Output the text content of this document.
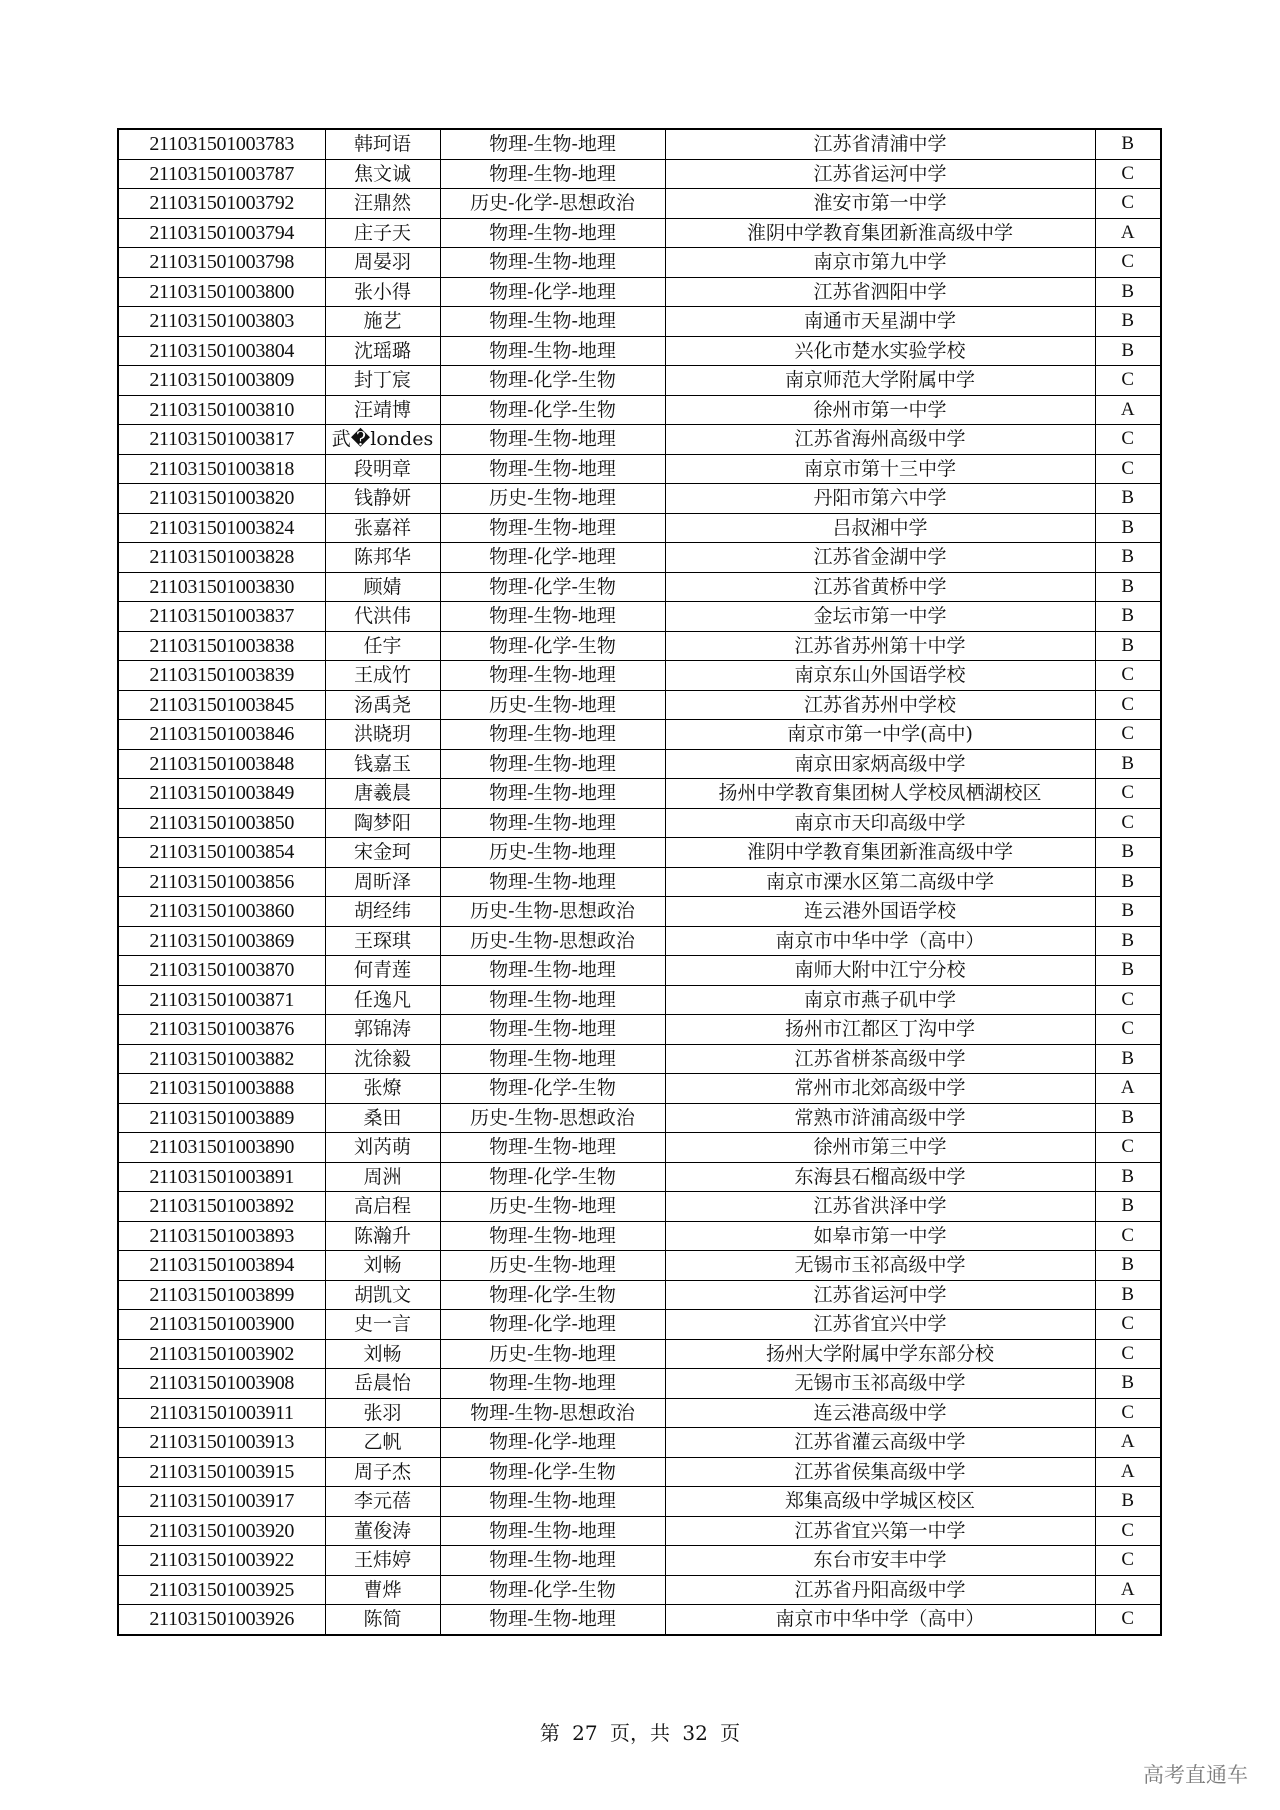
211031501003783	韩珂语	物理-生物-地理	江苏省清浦中学	B
211031501003787	焦文诚	物理-生物-地理	江苏省运河中学	C
211031501003792	汪鼎然	历史-化学-思想政治	淮安市第一中学	C
211031501003794	庄子天	物理-生物-地理	淮阴中学教育集团新淮高级中学	A
211031501003798	周晏羽	物理-生物-地理	南京市第九中学	C
211031501003800	张小得	物理-化学-地理	江苏省泗阳中学	B
211031501003803	施艺	物理-生物-地理	南通市天星湖中学	B
211031501003804	沈瑶璐	物理-生物-地理	兴化市楚水实验学校	B
211031501003809	封丁宸	物理-化学-生物	南京师范大学附属中学	C
211031501003810	汪靖博	物理-化学-生物	徐州市第一中学	A
211031501003817	武�londes	物理-生物-地理	江苏省海州高级中学	C
211031501003818	段明章	物理-生物-地理	南京市第十三中学	C
211031501003820	钱静妍	历史-生物-地理	丹阳市第六中学	B
211031501003824	张嘉祥	物理-生物-地理	吕叔湘中学	B
211031501003828	陈邦华	物理-化学-地理	江苏省金湖中学	B
211031501003830	顾婧	物理-化学-生物	江苏省黄桥中学	B
211031501003837	代洪伟	物理-生物-地理	金坛市第一中学	B
211031501003838	任宇	物理-化学-生物	江苏省苏州第十中学	B
211031501003839	王成竹	物理-生物-地理	南京东山外国语学校	C
211031501003845	汤禹尧	历史-生物-地理	江苏省苏州中学校	C
211031501003846	洪晓玥	物理-生物-地理	南京市第一中学(高中)	C
211031501003848	钱嘉玉	物理-生物-地理	南京田家炳高级中学	B
211031501003849	唐羲晨	物理-生物-地理	扬州中学教育集团树人学校凤栖湖校区	C
211031501003850	陶梦阳	物理-生物-地理	南京市天印高级中学	C
211031501003854	宋金珂	历史-生物-地理	淮阴中学教育集团新淮高级中学	B
211031501003856	周昕泽	物理-生物-地理	南京市溧水区第二高级中学	B
211031501003860	胡经纬	历史-生物-思想政治	连云港外国语学校	B
211031501003869	王琛琪	历史-生物-思想政治	南京市中华中学（高中）	B
211031501003870	何青莲	物理-生物-地理	南师大附中江宁分校	B
211031501003871	任逸凡	物理-生物-地理	南京市燕子矶中学	C
211031501003876	郭锦涛	物理-生物-地理	扬州市江都区丁沟中学	C
211031501003882	沈徐毅	物理-生物-地理	江苏省栟茶高级中学	B
211031501003888	张燎	物理-化学-生物	常州市北郊高级中学	A
211031501003889	桑田	历史-生物-思想政治	常熟市浒浦高级中学	B
211031501003890	刘芮萌	物理-生物-地理	徐州市第三中学	C
211031501003891	周洲	物理-化学-生物	东海县石榴高级中学	B
211031501003892	高启程	历史-生物-地理	江苏省洪泽中学	B
211031501003893	陈瀚升	物理-生物-地理	如皋市第一中学	C
211031501003894	刘畅	历史-生物-地理	无锡市玉祁高级中学	B
211031501003899	胡凯文	物理-化学-生物	江苏省运河中学	B
211031501003900	史一言	物理-化学-地理	江苏省宜兴中学	C
211031501003902	刘畅	历史-生物-地理	扬州大学附属中学东部分校	C
211031501003908	岳晨怡	物理-生物-地理	无锡市玉祁高级中学	B
211031501003911	张羽	物理-生物-思想政治	连云港高级中学	C
211031501003913	乙帆	物理-化学-地理	江苏省灌云高级中学	A
211031501003915	周子杰	物理-化学-生物	江苏省侯集高级中学	A
211031501003917	李元蓓	物理-生物-地理	郑集高级中学城区校区	B
211031501003920	董俊涛	物理-生物-地理	江苏省宜兴第一中学	C
211031501003922	王炜婷	物理-生物-地理	东台市安丰中学	C
211031501003925	曹烨	物理-化学-生物	江苏省丹阳高级中学	A
211031501003926	陈简	物理-生物-地理	南京市中华中学（高中）	C
第 27 页，共 32 页
高考直通车
